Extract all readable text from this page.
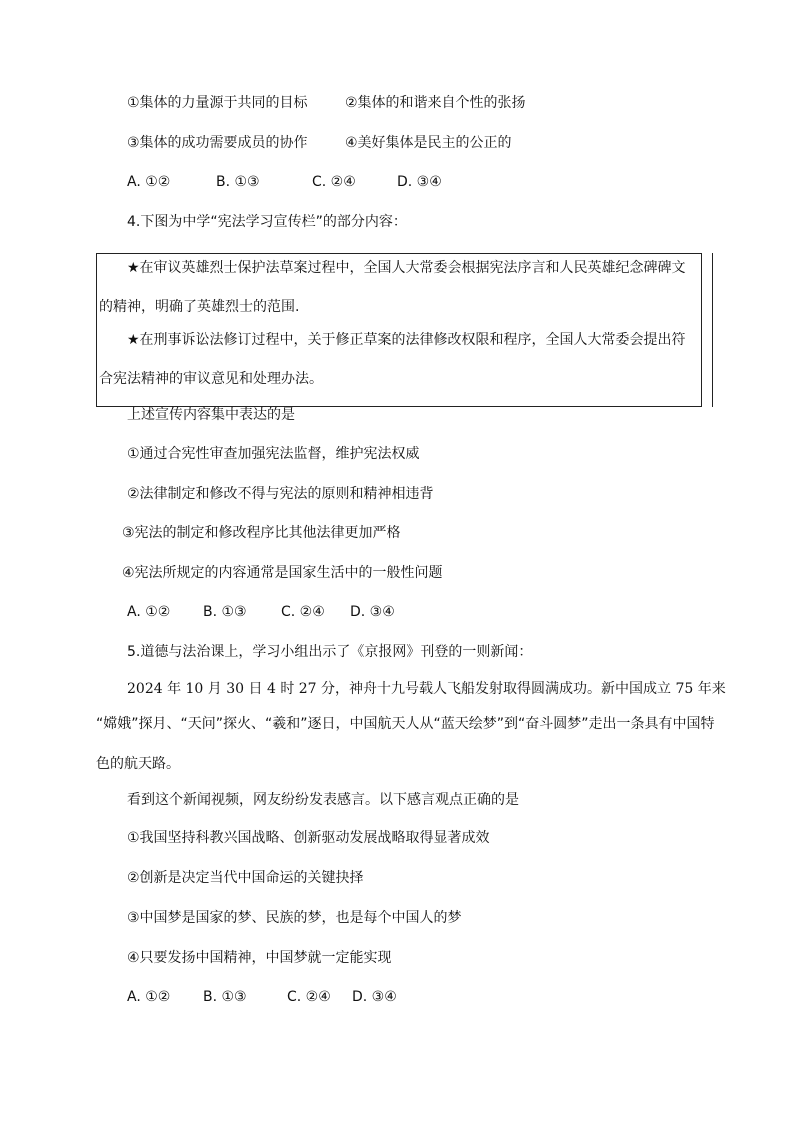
①集体的力量源于共同的目标	②集体的和谐来自个性的张扬
③集体的成功需要成员的协作	④美好集体是民主的公正的
A. ①②	B. ①③	C. ②④	D. ③④
4.下图为中学“宪法学习宣传栏”的部分内容：
★在审议英雄烈士保护法草案过程中，全国人大常委会根据宪法序言和人民英雄纪念碑碑文
的精神，明确了英雄烈士的范围.
★在刑事诉讼法修订过程中，关于修正草案的法律修改权限和程序，全国人大常委会提出符
合宪法精神的审议意见和处理办法。
上述宣传内容集中表达的是
①通过合宪性审查加强宪法监督，维护宪法权威
②法律制定和修改不得与宪法的原则和精神相违背
③宪法的制定和修改程序比其他法律更加严格
④宪法所规定的内容通常是国家生活中的一般性问题
A. ①② B. ①③ C. ②④ D. ③④
5.道德与法治课上，学习小组出示了《京报网》刊登的一则新闻：
2024 年 10 月 30 日 4 时 27 分，神舟十九号载人飞船发射取得圆满成功。新中国成立 75 年来
“嫦娥”探月、“天问”探火、“羲和”逐日，中国航天人从“蓝天绘梦”到“奋斗圆梦”走出一条具有中国特
色的航天路。
看到这个新闻视频，网友纷纷发表感言。以下感言观点正确的是
①我国坚持科教兴国战略、创新驱动发展战略取得显著成效
②创新是决定当代中国命运的关键抉择
③中国梦是国家的梦、民族的梦，也是每个中国人的梦
④只要发扬中国精神，中国梦就一定能实现
A. ①② B. ①③	C. ②④ D. ③④
